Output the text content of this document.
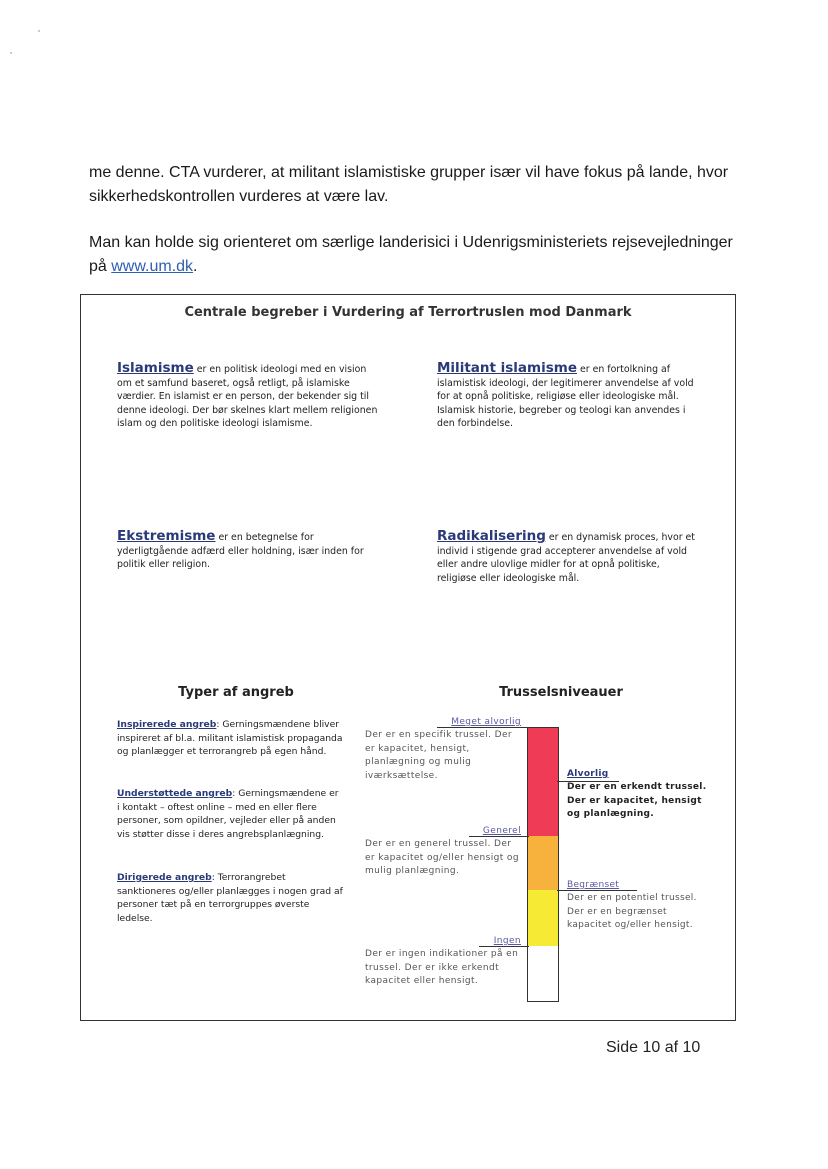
me denne. CTA vurderer, at militant islamistiske grupper især vil have fokus på lande, hvor sikkerhedskontrollen vurderes at være lav.
Man kan holde sig orienteret om særlige landerisici i Udenrigsministeriets rejsevejledninger på www.um.dk.
Centrale begreber i Vurdering af Terrortruslen mod Danmark
Islamisme er en politisk ideologi med en vision om et samfund baseret, også retligt, på islamiske værdier. En islamist er en person, der bekender sig til denne ideologi. Der bør skelnes klart mellem religionen islam og den politiske ideologi islamisme.
Militant islamisme er en fortolkning af islamistisk ideologi, der legitimerer anvendelse af vold for at opnå politiske, religiøse eller ideologiske mål. Islamisk historie, begreber og teologi kan anvendes i den forbindelse.
Ekstremisme er en betegnelse for yderligtgående adfærd eller holdning, især inden for politik eller religion.
Radikalisering er en dynamisk proces, hvor et individ i stigende grad accepterer anvendelse af vold eller andre ulovlige midler for at opnå politiske, religiøse eller ideologiske mål.
Typer af angreb
Inspirerede angreb: Gerningsmændene bliver inspireret af bl.a. militant islamistisk propaganda og planlægger et terrorangreb på egen hånd.
Understøttede angreb: Gerningsmændene er i kontakt – oftest online – med en eller flere personer, som opildner, vejleder eller på anden vis støtter disse i deres angrebsplanlægning.
Dirigerede angreb: Terrorangrebet sanktioneres og/eller planlægges i nogen grad af personer tæt på en terrorgruppes øverste ledelse.
Trusselsniveauer
Meget alvorlig
Der er en specifik trussel. Der er kapacitet, hensigt, planlægning og mulig iværksættelse.	Alvorlig
Der er en erkendt trussel. Der er kapacitet, hensigt og planlægning.
Generel
Der er en generel trussel. Der er kapacitet og/eller hensigt og mulig planlægning.
Begrænset
Der er en potentiel trussel. Der er en begrænset kapacitet og/eller hensigt.
Ingen
Der er ingen indikationer på en trussel. Der er ikke erkendt kapacitet eller hensigt.
Side 10 af 10
